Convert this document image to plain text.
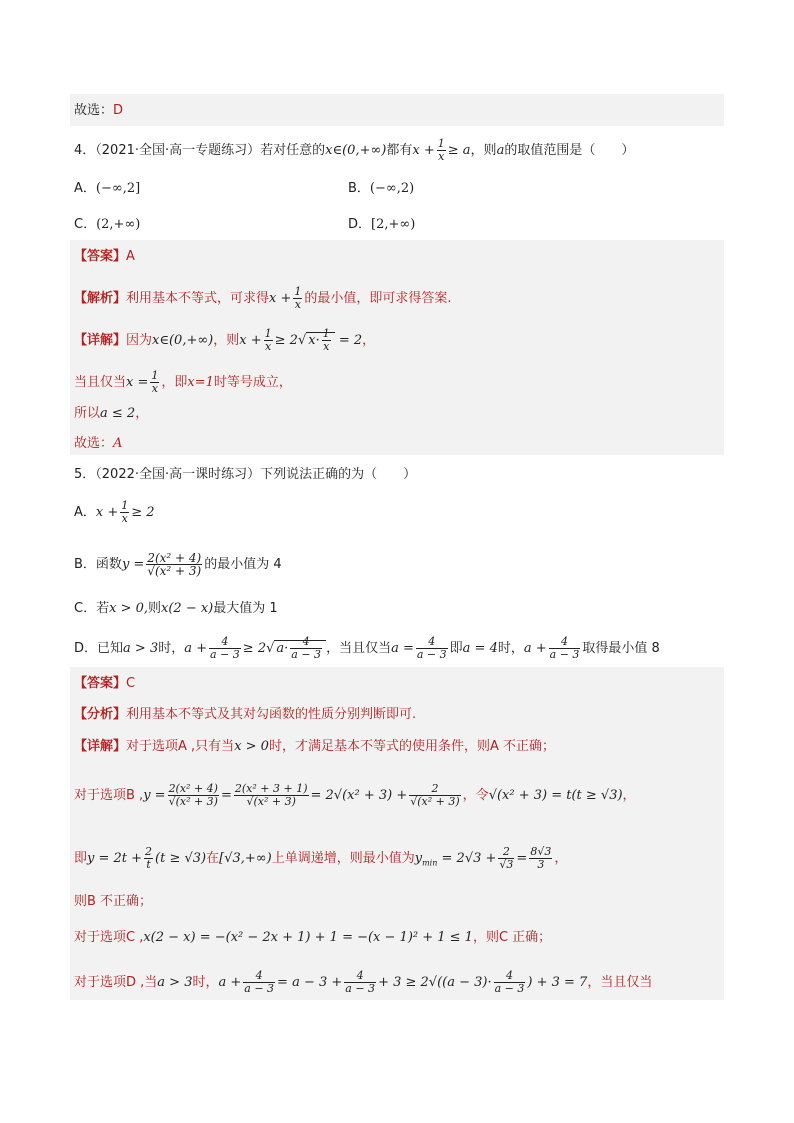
故选：D
4．（2021·全国·高一专题练习）若对任意的x∈(0,+∞)都有$x + \frac{1}{x} \ge a$，则a的取值范围是（　　）
A．(−∞,2]	B．(−∞,2)
C．(2,+∞)	D．[2,+∞)
【答案】A
【解析】利用基本不等式，可求得$x + \frac{1}{x}$ 的最小值，即可求得答案.
【详解】因为x∈(0,+∞)，则$x + \frac{1}{x} \ge 2√$ $x\cdot \frac{1}{x} = 2$，
当且仅当$x = \frac{1}{x}$ ，即x=1时等号成立，
所以a ≤ 2，
故选：A
5．（2022·全国·高一课时练习）下列说法正确的为（　　）
A．$x + \frac{1}{x} \ge 2$
B．函数$y = \frac{\text{2(x² + 4)}}{\text{√(x² + 3)}}$ 的最小值为 4
C．若x > 0,则x(2 − x)最大值为 1
D．已知a > 3时，$a + \frac{4}{a - 3} \ge 2√$ $a\cdot \frac{4}{a - 3}$ ，当且仅当$a = \frac{4}{a - 3}$ 即a = 4时，$a + \frac{4}{a - 3}$ 取得最小值 8
【答案】C
【分析】利用基本不等式及其对勾函数的性质分别判断即可.
【详解】对于选项A ,只有当x > 0时，才满足基本不等式的使用条件，则A 不正确；
对于选项B $,y = \frac{\text{2(x² + 4)}}{\text{√(x² + 3)}} = \frac{\text{2(x² + 3 + 1)}}{\text{√(x² + 3)}} = 2√(x^2 + 3) + \frac{2}{\text{√(x² + 3)}}$ ，令√(x² + 3) = t(t ≥ √3)，
即$y = 2t + \frac{2}{t} (t \ge √3)$在[√3,+∞)上单调递增，则最小值为$y_{min} = 2√3 + \frac{2}{√3} = \frac{8√3}{3}$ ，
则B 不正确；
对于选项C ,x(2 − x) = −(x² − 2x + 1) + 1 = −(x − 1)² + 1 ≤ 1，则C 正确；
对于选项D ,当a > 3时，$a + \frac{4}{a - 3} = a - 3 + \frac{4}{a - 3} + 3 \ge 2√((a - 3)\cdot \frac{4}{a - 3}$ ) + 3 = 7，当且仅当
